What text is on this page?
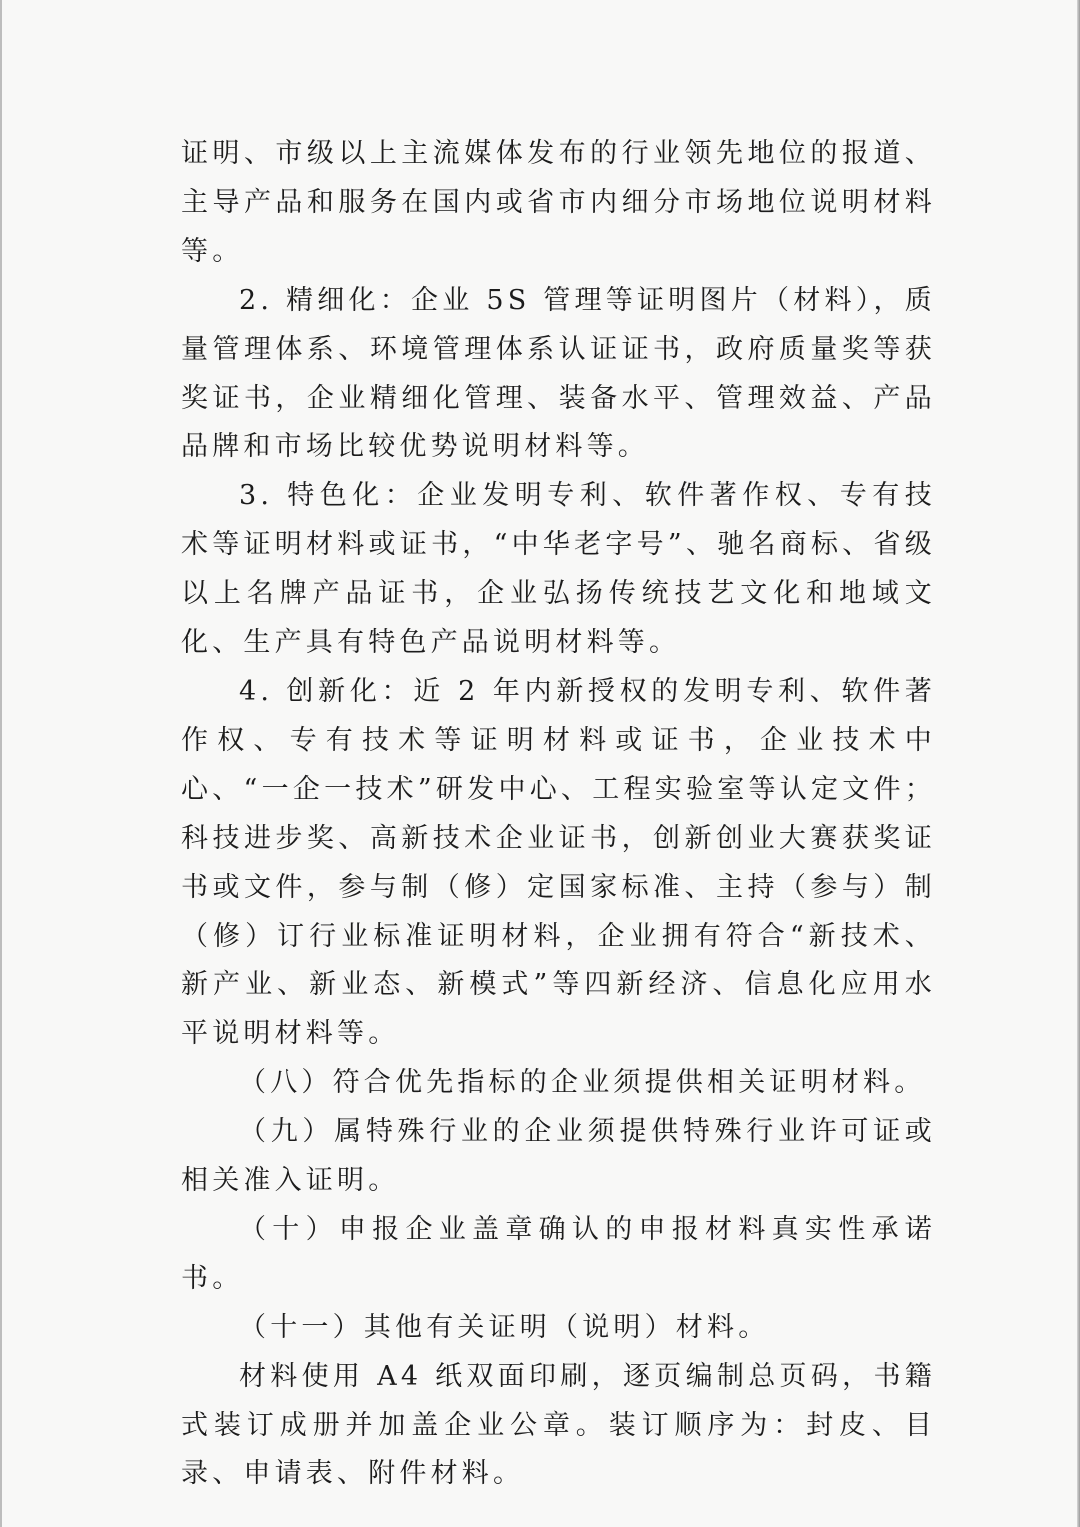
证明、市级以上主流媒体发布的行业领先地位的报道、主导产品和服务在国内或省市内细分市场地位说明材料等。

2. 精细化：企业 5S 管理等证明图片（材料），质量管理体系、环境管理体系认证证书，政府质量奖等获奖证书，企业精细化管理、装备水平、管理效益、产品品牌和市场比较优势说明材料等。

3. 特色化：企业发明专利、软件著作权、专有技术等证明材料或证书，“中华老字号”、驰名商标、省级以上名牌产品证书，企业弘扬传统技艺文化和地域文化、生产具有特色产品说明材料等。

4. 创新化：近 2 年内新授权的发明专利、软件著作权、专有技术等证明材料或证书，企业技术中心、“一企一技术”研发中心、工程实验室等认定文件；科技进步奖、高新技术企业证书，创新创业大赛获奖证书或文件，参与制（修）定国家标准、主持（参与）制（修）订行业标准证明材料，企业拥有符合“新技术、新产业、新业态、新模式”等四新经济、信息化应用水平说明材料等。

（八）符合优先指标的企业须提供相关证明材料。

（九）属特殊行业的企业须提供特殊行业许可证或相关准入证明。

（十）申报企业盖章确认的申报材料真实性承诺书。

（十一）其他有关证明（说明）材料。

材料使用 A4 纸双面印刷，逐页编制总页码，书籍式装订成册并加盖企业公章。装订顺序为：封皮、目录、申请表、附件材料。
